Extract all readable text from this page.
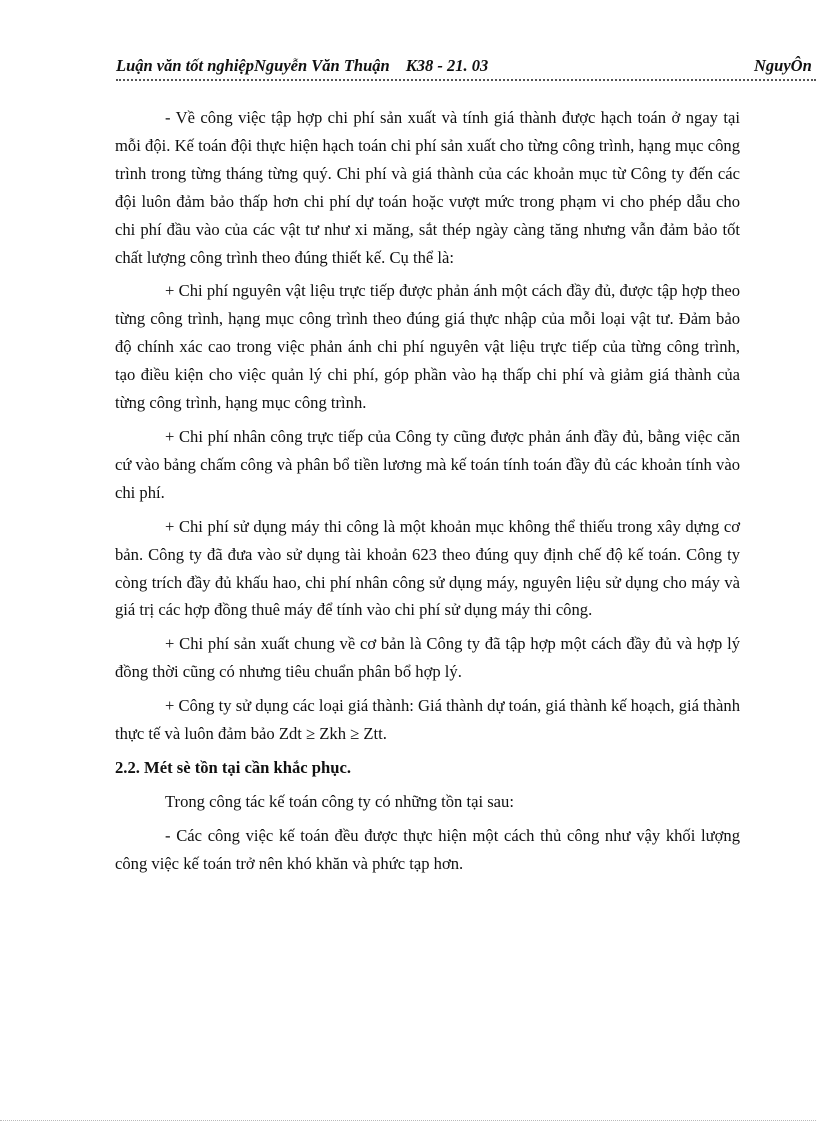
Luận văn tốt nghiệpNguyễn Văn Thuận K38 - 21. 03	NguyÔn

- Về công việc tập hợp chi phí sản xuất và tính giá thành được hạch toán ở ngay tại mỗi đội. Kế toán đội thực hiện hạch toán chi phí sản xuất cho từng công trình, hạng mục công trình trong từng tháng từng quý. Chi phí và giá thành của các khoản mục từ Công ty đến các đội luôn đảm bảo thấp hơn chi phí dự toán hoặc vượt mức trong phạm vi cho phép dẫu cho chi phí đầu vào của các vật tư như xi măng, sắt thép ngày càng tăng nhưng vẫn đảm bảo tốt chất lượng công trình theo đúng thiết kế. Cụ thể là:

+ Chi phí nguyên vật liệu trực tiếp được phản ánh một cách đầy đủ, được tập hợp theo từng công trình, hạng mục công trình theo đúng giá thực nhập của mỗi loại vật tư. Đảm bảo độ chính xác cao trong việc phản ánh chi phí nguyên vật liệu trực tiếp của từng công trình, tạo điều kiện cho việc quản lý chi phí, góp phần vào hạ thấp chi phí và giảm giá thành của từng công trình, hạng mục công trình.

+ Chi phí nhân công trực tiếp của Công ty cũng được phản ánh đầy đủ, bằng việc căn cứ vào bảng chấm công và phân bổ tiền lương mà kế toán tính toán đầy đủ các khoản tính vào chi phí.

+ Chi phí sử dụng máy thi công là một khoản mục không thể thiếu trong xây dựng cơ bản. Công ty đã đưa vào sử dụng tài khoản 623 theo đúng quy định chế độ kế toán. Công ty còng trích đầy đủ khấu hao, chi phí nhân công sử dụng máy, nguyên liệu sử dụng cho máy và giá trị các hợp đồng thuê máy để tính vào chi phí sử dụng máy thi công.

+ Chi phí sản xuất chung về cơ bản là Công ty đã tập hợp một cách đầy đủ và hợp lý đồng thời cũng có nhưng tiêu chuẩn phân bổ hợp lý.

+ Công ty sử dụng các loại giá thành: Giá thành dự toán, giá thành kế hoạch, giá thành thực tế và luôn đảm bảo Zdt ≥ Zkh ≥ Ztt.

2.2. Mét sè tồn tại cần khắc phục.

Trong công tác kế toán công ty có những tồn tại sau:

- Các công việc kế toán đều được thực hiện một cách thủ công như vậy khối lượng công việc kế toán trở nên khó khăn và phức tạp hơn.
